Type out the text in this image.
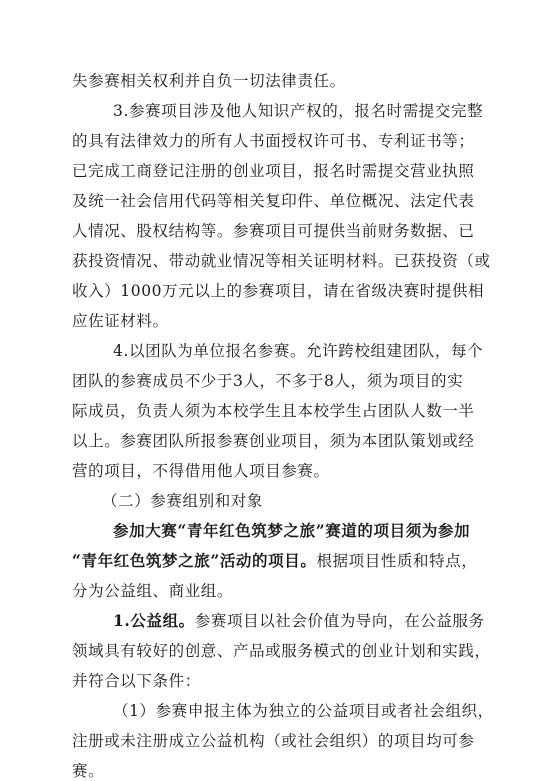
失参赛相关权利并自负一切法律责任。
3.参赛项目涉及他人知识产权的，报名时需提交完整
的具有法律效力的所有人书面授权许可书、专利证书等；
已完成工商登记注册的创业项目，报名时需提交营业执照
及统一社会信用代码等相关复印件、单位概况、法定代表
人情况、股权结构等。参赛项目可提供当前财务数据、已
获投资情况、带动就业情况等相关证明材料。已获投资（或
收入）1000万元以上的参赛项目，请在省级决赛时提供相
应佐证材料。
4.以团队为单位报名参赛。允许跨校组建团队，每个
团队的参赛成员不少于3人，不多于8人，须为项目的实
际成员，负责人须为本校学生且本校学生占团队人数一半
以上。参赛团队所报参赛创业项目，须为本团队策划或经
营的项目，不得借用他人项目参赛。
（二）参赛组别和对象
参加大赛“青年红色筑梦之旅”赛道的项目须为参加
“青年红色筑梦之旅”活动的项目。根据项目性质和特点，
分为公益组、商业组。
1.公益组。参赛项目以社会价值为导向，在公益服务
领域具有较好的创意、产品或服务模式的创业计划和实践，
并符合以下条件：
（1）参赛申报主体为独立的公益项目或者社会组织，
注册或未注册成立公益机构（或社会组织）的项目均可参
赛。
